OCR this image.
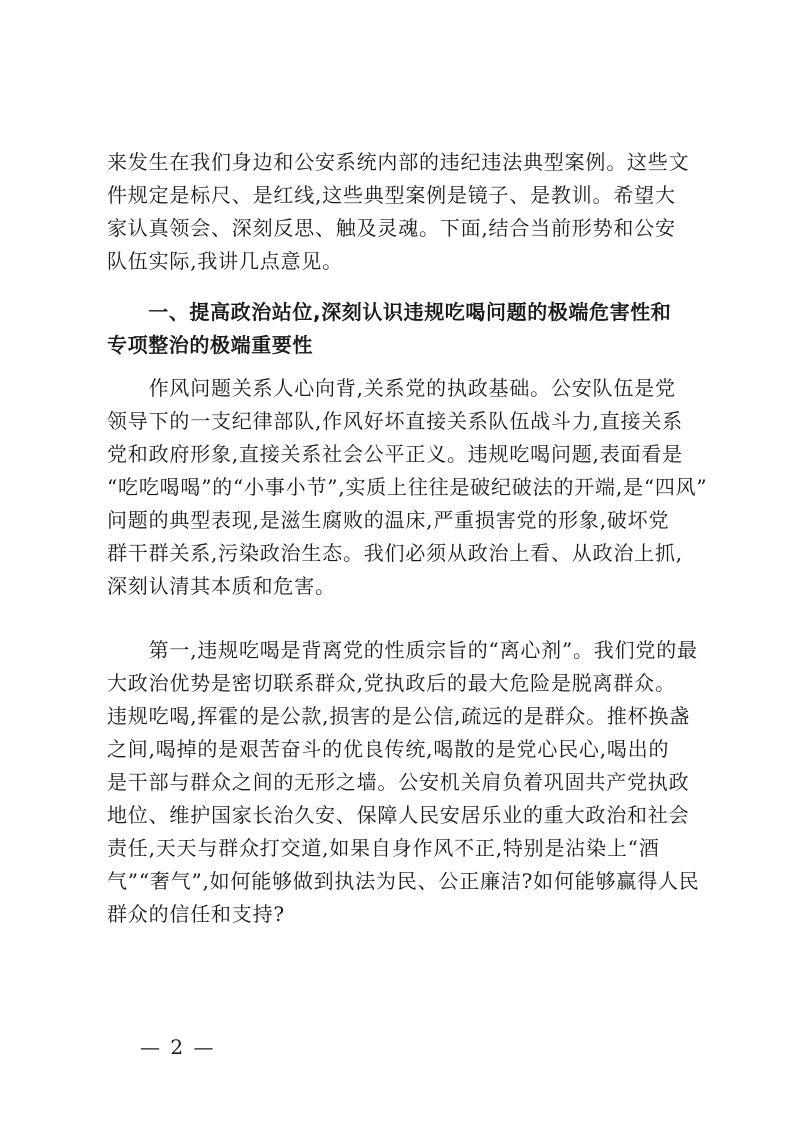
来发生在我们身边和公安系统内部的违纪违法典型案例。这些文
件规定是标尺、是红线,这些典型案例是镜子、是教训。希望大
家认真领会、深刻反思、触及灵魂。下面,结合当前形势和公安
队伍实际,我讲几点意见。
　　一、提高政治站位,深刻认识违规吃喝问题的极端危害性和
专项整治的极端重要性
　　作风问题关系人心向背,关系党的执政基础。公安队伍是党
领导下的一支纪律部队,作风好坏直接关系队伍战斗力,直接关系
党和政府形象,直接关系社会公平正义。违规吃喝问题,表面看是
“吃吃喝喝”的“小事小节”,实质上往往是破纪破法的开端,是“四风”
问题的典型表现,是滋生腐败的温床,严重损害党的形象,破坏党
群干群关系,污染政治生态。我们必须从政治上看、从政治上抓,
深刻认清其本质和危害。
　　第一,违规吃喝是背离党的性质宗旨的“离心剂”。我们党的最
大政治优势是密切联系群众,党执政后的最大危险是脱离群众。
违规吃喝,挥霍的是公款,损害的是公信,疏远的是群众。推杯换盏
之间,喝掉的是艰苦奋斗的优良传统,喝散的是党心民心,喝出的
是干部与群众之间的无形之墙。公安机关肩负着巩固共产党执政
地位、维护国家长治久安、保障人民安居乐业的重大政治和社会
责任,天天与群众打交道,如果自身作风不正,特别是沾染上“酒
气”“奢气”,如何能够做到执法为民、公正廉洁?如何能够赢得人民
群众的信任和支持?
— 2 —
